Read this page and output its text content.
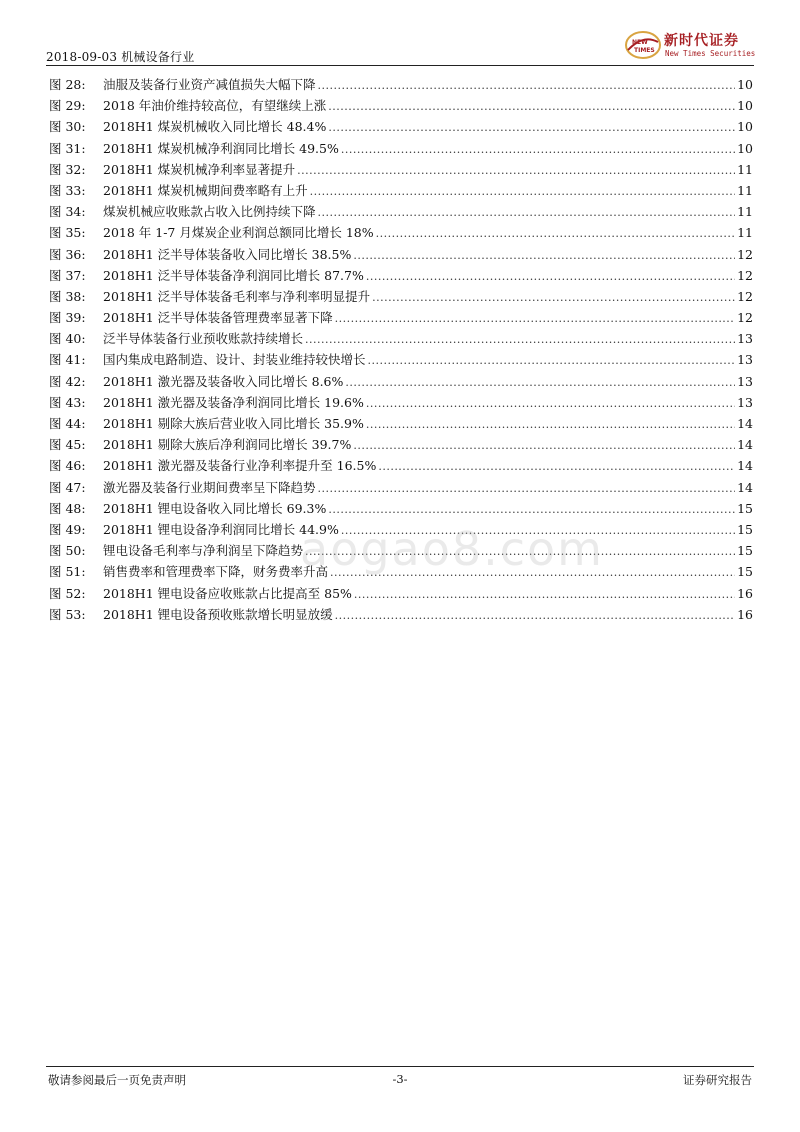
2018-09-03 机械设备行业
NEW
TIMES
新时代证券
New Times Securities
图 28:	油服及装备行业资产减值损失大幅下降 .....	10
图 29:	2018 年油价维持较高位，有望继续上涨 .....	10
图 30:	2018H1 煤炭机械收入同比增长 48.4% .....	10
图 31:	2018H1 煤炭机械净利润同比增长 49.5% .....	10
图 32:	2018H1 煤炭机械净利率显著提升 .....	11
图 33:	2018H1 煤炭机械期间费率略有上升 .....	11
图 34:	煤炭机械应收账款占收入比例持续下降 .....	11
图 35:	2018 年 1-7 月煤炭企业利润总额同比增长 18% .....	11
图 36:	2018H1 泛半导体装备收入同比增长 38.5% .....	12
图 37:	2018H1 泛半导体装备净利润同比增长 87.7% .....	12
图 38:	2018H1 泛半导体装备毛利率与净利率明显提升 .....	12
图 39:	2018H1 泛半导体装备管理费率显著下降 .....	12
图 40:	泛半导体装备行业预收账款持续增长 .....	13
图 41:	国内集成电路制造、设计、封装业维持较快增长 .....	13
图 42:	2018H1 激光器及装备收入同比增长 8.6% .....	13
图 43:	2018H1 激光器及装备净利润同比增长 19.6% .....	13
图 44:	2018H1 剔除大族后营业收入同比增长 35.9% .....	14
图 45:	2018H1 剔除大族后净利润同比增长 39.7% .....	14
图 46:	2018H1 激光器及装备行业净利率提升至 16.5% .....	14
图 47:	激光器及装备行业期间费率呈下降趋势 .....	14
图 48:	2018H1 锂电设备收入同比增长 69.3% .....	15
图 49:	2018H1 锂电设备净利润同比增长 44.9% .....	15
图 50:	锂电设备毛利率与净利润呈下降趋势 .....	15
图 51:	销售费率和管理费率下降，财务费率升高 .....	15
图 52:	2018H1 锂电设备应收账款占比提高至 85% .....	16
图 53:	2018H1 锂电设备预收账款增长明显放缓 .....	16
aogao8.com
敬请参阅最后一页免责声明	-3-	证券研究报告
